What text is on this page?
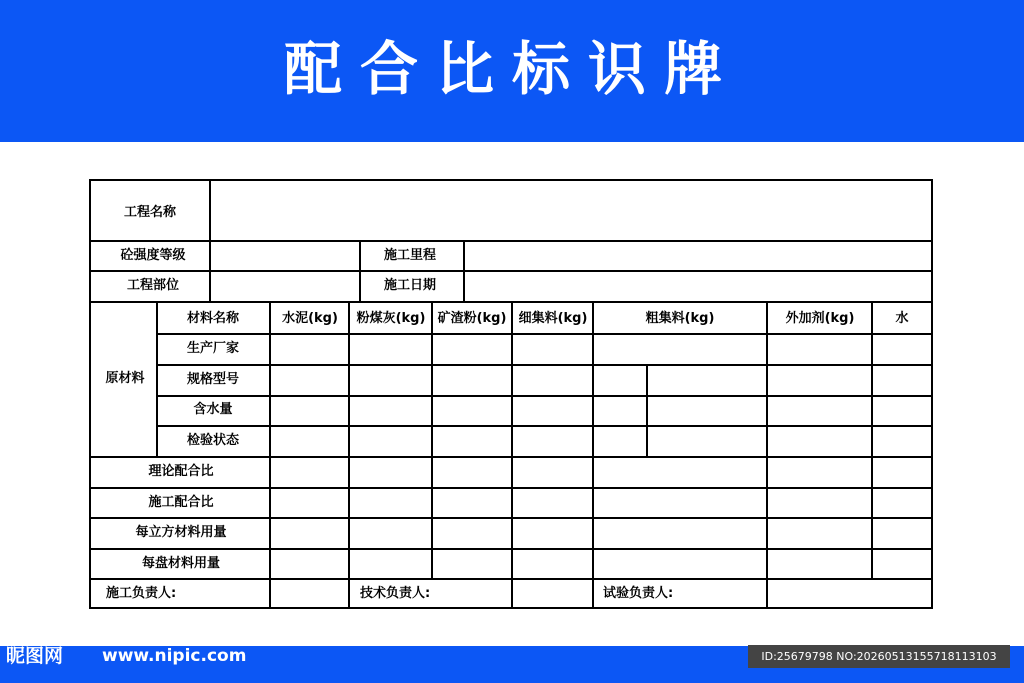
配合比标识牌
工程名称
砼强度等级	施工里程
工程部位	施工日期
材料名称	水泥(kg) 粉煤灰(kg) 矿渣粉(kg) 细集料(kg)	粗集料(kg)	外加剂(kg)	水
原材料
生产厂家
规格型号
含水量
检验状态
理论配合比
施工配合比
每立方材料用量
每盘材料用量
施工负责人:	技术负责人:	试验负责人:
昵图网 www.nipic.com	ID:25679798 NO:20260513155718113103
